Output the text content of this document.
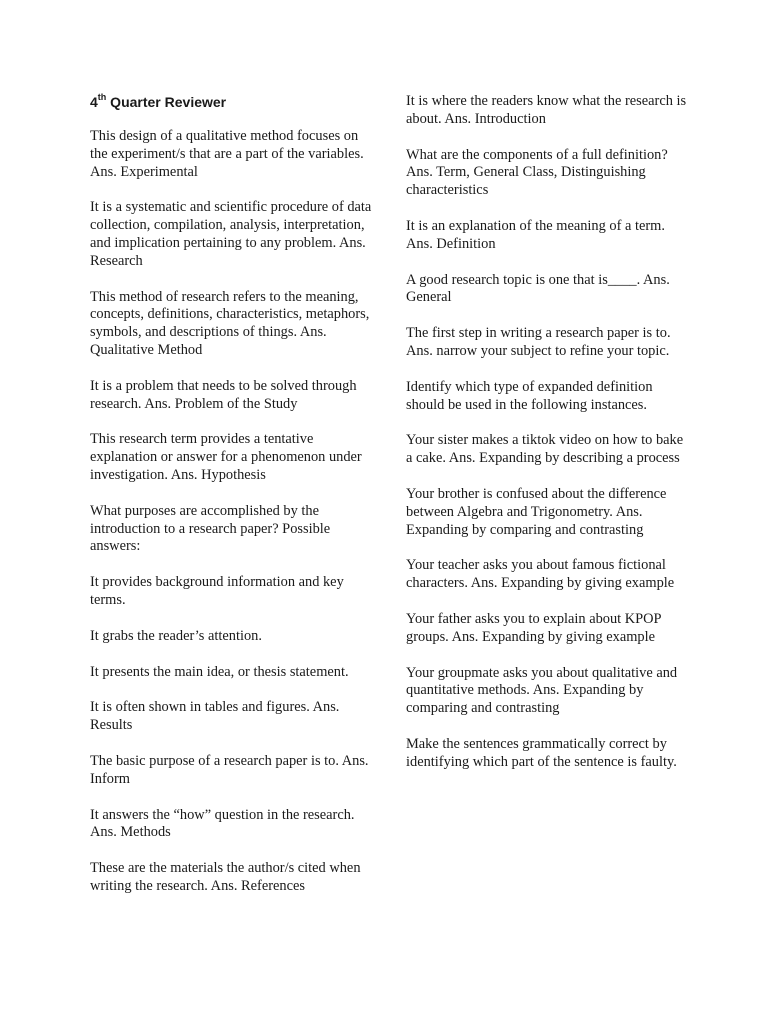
4th Quarter Reviewer

This design of a qualitative method focuses on the experiment/s that are a part of the variables. Ans. Experimental

It is a systematic and scientific procedure of data collection, compilation, analysis, interpretation, and implication pertaining to any problem. Ans. Research

This method of research refers to the meaning, concepts, definitions, characteristics, metaphors, symbols, and descriptions of things. Ans. Qualitative Method

It is a problem that needs to be solved through research. Ans. Problem of the Study

This research term provides a tentative explanation or answer for a phenomenon under investigation. Ans. Hypothesis

What purposes are accomplished by the introduction to a research paper? Possible answers:

It provides background information and key terms.

It grabs the reader’s attention.

It presents the main idea, or thesis statement.

It is often shown in tables and figures. Ans. Results

The basic purpose of a research paper is to. Ans. Inform

It answers the “how” question in the research. Ans. Methods

These are the materials the author/s cited when writing the research. Ans. References

It is where the readers know what the research is about. Ans. Introduction

What are the components of a full definition? Ans. Term, General Class, Distinguishing characteristics

It is an explanation of the meaning of a term. Ans. Definition

A good research topic is one that is____. Ans. General

The first step in writing a research paper is to. Ans. narrow your subject to refine your topic.

Identify which type of expanded definition should be used in the following instances.

Your sister makes a tiktok video on how to bake a cake. Ans. Expanding by describing a process

Your brother is confused about the difference between Algebra and Trigonometry. Ans. Expanding by comparing and contrasting

Your teacher asks you about famous fictional characters. Ans. Expanding by giving example

Your father asks you to explain about KPOP groups. Ans. Expanding by giving example

Your groupmate asks you about qualitative and quantitative methods. Ans. Expanding by comparing and contrasting

Make the sentences grammatically correct by identifying which part of the sentence is faulty.
